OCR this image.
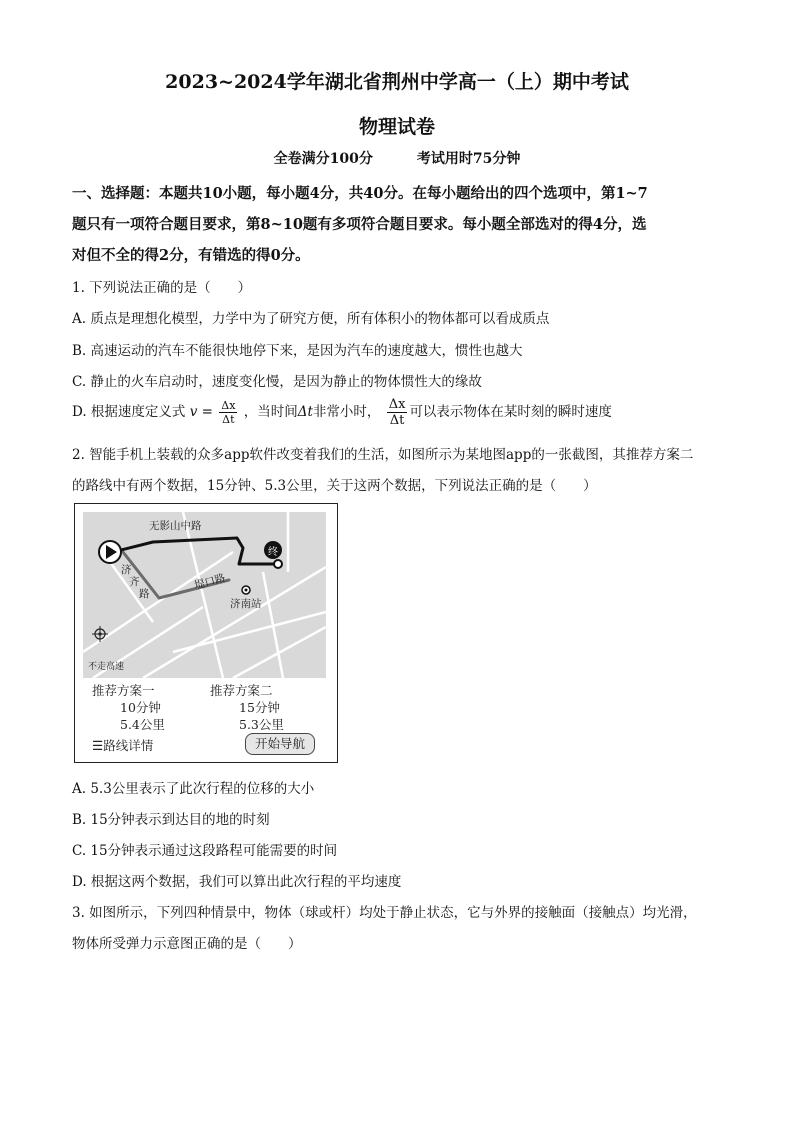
2023~2024学年湖北省荆州中学高一（上）期中考试
物理试卷
全卷满分100分	考试用时75分钟
一、选择题：本题共10小题，每小题4分，共40分。在每小题给出的四个选项中，第1~7
题只有一项符合题目要求，第8~10题有多项符合题目要求。每小题全部选对的得4分，选
对但不全的得2分，有错选的得0分。
1. 下列说法正确的是（　　）
A. 质点是理想化模型，力学中为了研究方便，所有体积小的物体都可以看成质点
B. 高速运动的汽车不能很快地停下来，是因为汽车的速度越大，惯性也越大
C. 静止的火车启动时，速度变化慢，是因为静止的物体惯性大的缘故
D. 根据速度定义式 $v = \frac{\Delta x}{\Delta t}$ ，当时间Δt非常小时， $\frac{\Delta x}{\Delta t}$ 可以表示物体在某时刻的瞬时速度
2. 智能手机上装载的众多app软件改变着我们的生活，如图所示为某地图app的一张截图，其推荐方案二
的路线中有两个数据，15分钟、5.3公里，关于这两个数据，下列说法正确的是（　　）
无影山中路
济
齐
路
堤口路
济南站
终
不走高速
推荐方案一
10分钟
5.4公里
推荐方案二
15分钟
5.3公里
☰路线详情	开始导航
A. 5.3公里表示了此次行程的位移的大小
B. 15分钟表示到达目的地的时刻
C. 15分钟表示通过这段路程可能需要的时间
D. 根据这两个数据，我们可以算出此次行程的平均速度
3. 如图所示，下列四种情景中，物体（球或杆）均处于静止状态，它与外界的接触面（接触点）均光滑，
物体所受弹力示意图正确的是（　　）
